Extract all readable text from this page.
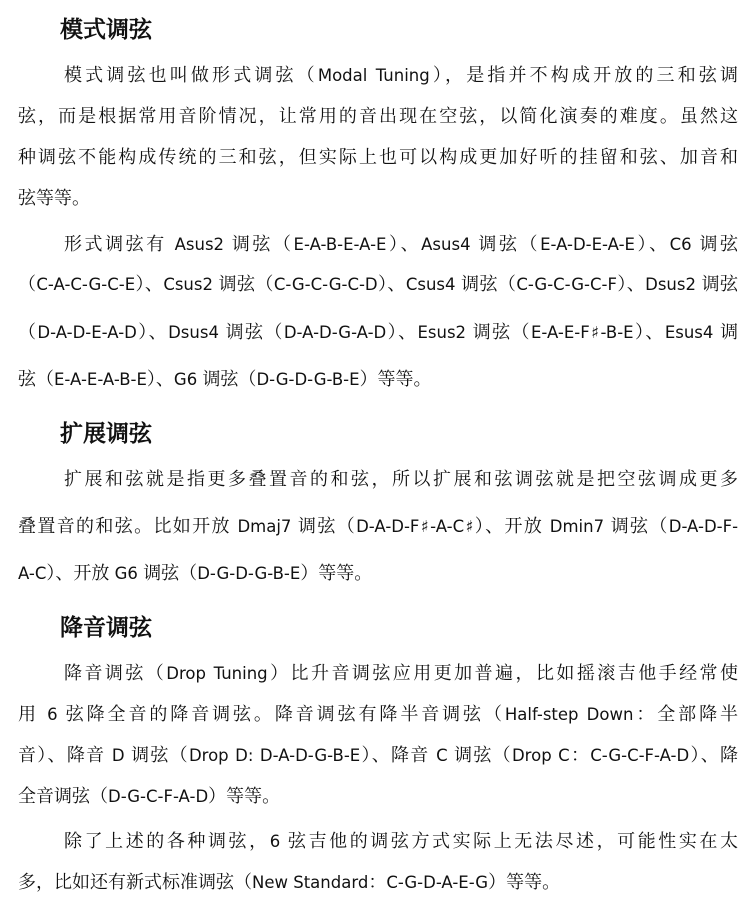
模式调弦

模式调弦也叫做形式调弦（Modal Tuning），是指并不构成开放的三和弦调

弦，而是根据常用音阶情况，让常用的音出现在空弦，以简化演奏的难度。虽然这

种调弦不能构成传统的三和弦，但实际上也可以构成更加好听的挂留和弦、加音和

弦等等。

形式调弦有 Asus2 调弦（E-A-B-E-A-E）、Asus4 调弦（E-A-D-E-A-E）、C6 调弦

（C-A-C-G-C-E）、Csus2 调弦（C-G-C-G-C-D）、Csus4 调弦（C-G-C-G-C-F）、Dsus2 调弦

（D-A-D-E-A-D）、Dsus4 调弦（D-A-D-G-A-D）、Esus2 调弦（E-A-E-F♯-B-E）、Esus4 调

弦（E-A-E-A-B-E）、G6 调弦（D-G-D-G-B-E）等等。

扩展调弦

扩展和弦就是指更多叠置音的和弦，所以扩展和弦调弦就是把空弦调成更多

叠置音的和弦。比如开放 Dmaj7 调弦（D-A-D-F♯-A-C♯）、开放 Dmin7 调弦（D-A-D-F-

A-C）、开放 G6 调弦（D-G-D-G-B-E）等等。

降音调弦

降音调弦（Drop Tuning）比升音调弦应用更加普遍，比如摇滚吉他手经常使

用 6 弦降全音的降音调弦。降音调弦有降半音调弦（Half-step Down：全部降半

音）、降音 D 调弦（Drop D: D-A-D-G-B-E）、降音 C 调弦（Drop C：C-G-C-F-A-D）、降

全音调弦（D-G-C-F-A-D）等等。

除了上述的各种调弦，6 弦吉他的调弦方式实际上无法尽述，可能性实在太

多，比如还有新式标准调弦（New Standard：C-G-D-A-E-G）等等。
